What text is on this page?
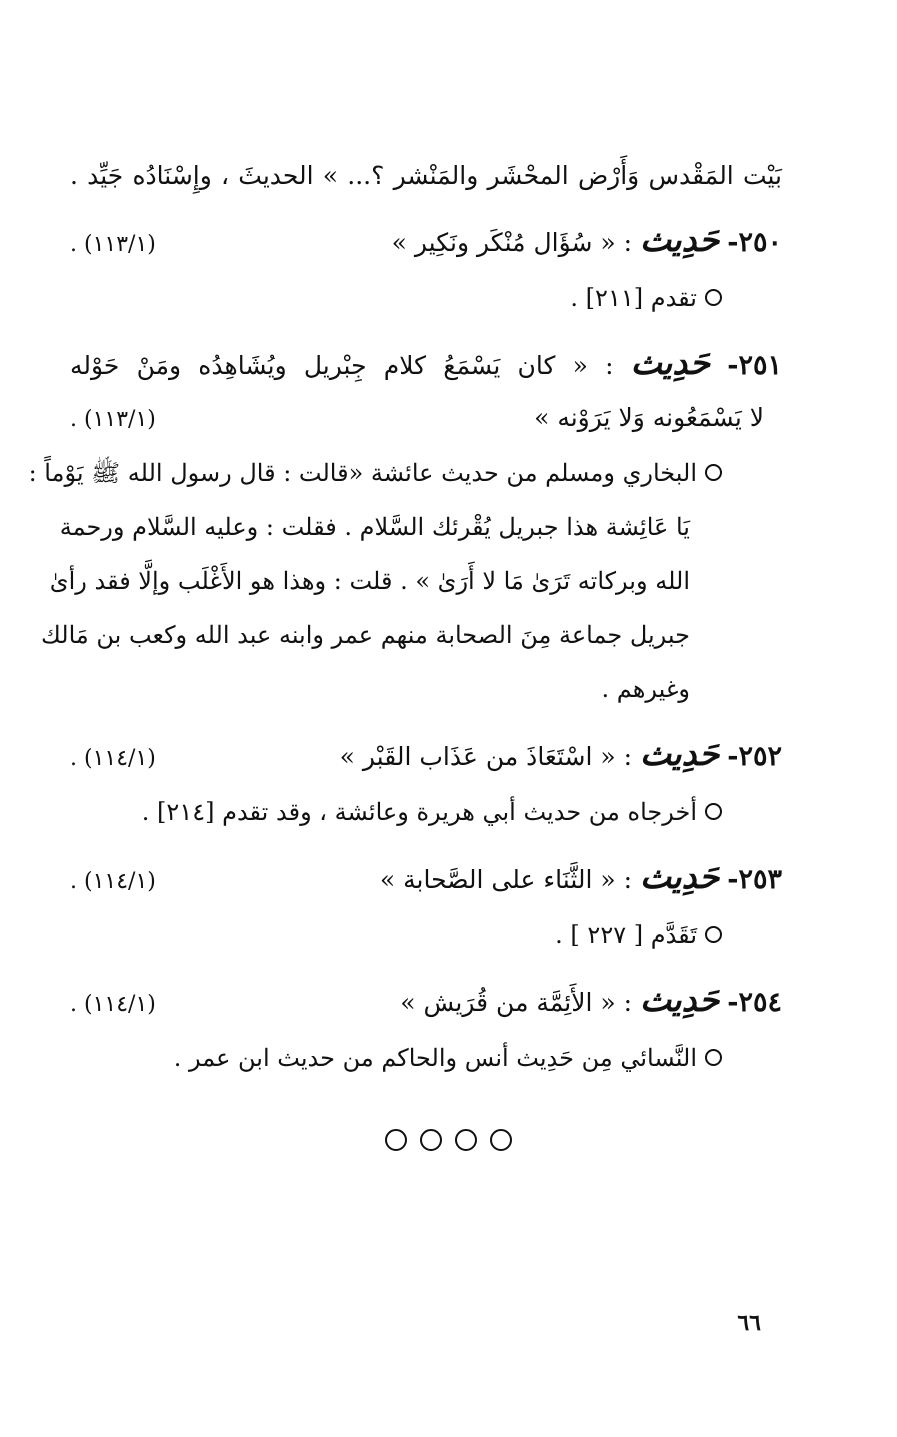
بَيْت المَقْدس وَأَرْض المحْشَر والمَنْشر ؟... » الحديثَ ، وإِسْنَادُه جَيِّد .
٢٥٠- حَدِيث : « سُؤَال مُنْكَر ونَكِير »
(١١٣/١) .
تقدم [٢١١] .
٢٥١- حَدِيث : « كان يَسْمَعُ كلام جِبْريل ويُشَاهِدُه ومَنْ حَوْله
لا يَسْمَعُونه وَلا يَرَوْنه »
(١١٣/١) .
البخاري ومسلم من حديث عائشة «قالت : قال رسول الله ﷺ يَوْماً :
يَا عَائِشة هذا جبريل يُقْرئك السَّلام . فقلت : وعليه السَّلام ورحمة
الله وبركاته تَرَىٰ مَا لا أَرَىٰ » . قلت : وهذا هو الأَغْلَب وإلَّا فقد رأىٰ
جبريل جماعة مِنَ الصحابة منهم عمر وابنه عبد الله وكعب بن مَالك
وغيرهم .
٢٥٢- حَدِيث : « اسْتَعَاذَ من عَذَاب القَبْر »
(١١٤/١) .
أخرجاه من حديث أبي هريرة وعائشة ، وقد تقدم [٢١٤] .
٢٥٣- حَدِيث : « الثَّنَاء على الصَّحابة »
(١١٤/١) .
تَقَدَّم [ ٢٢٧ ] .
٢٥٤- حَدِيث : « الأَئِمَّة من قُرَيش »
(١١٤/١) .
النَّسائي مِن حَدِيث أنس والحاكم من حديث ابن عمر .

٦٦
